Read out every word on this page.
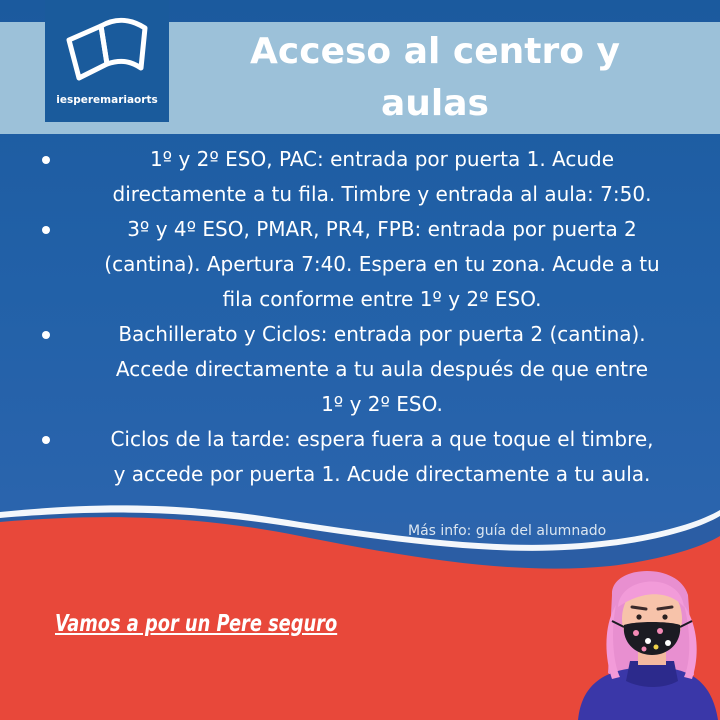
iesperemariaorts
Acceso al centro y
aulas
1º y 2º ESO, PAC: entrada por puerta 1. Acude
directamente a tu fila. Timbre y entrada al aula: 7:50.
3º y 4º ESO, PMAR, PR4, FPB: entrada por puerta 2
(cantina). Apertura 7:40. Espera en tu zona. Acude a tu
fila conforme entre 1º y 2º ESO.
Bachillerato y Ciclos: entrada por puerta 2 (cantina).
Accede directamente a tu aula después de que entre
1º y 2º ESO.
Ciclos de la tarde: espera fuera a que toque el timbre,
y accede por puerta 1. Acude directamente a tu aula.
Más info: guía del alumnado
Vamos a por un Pere seguro
